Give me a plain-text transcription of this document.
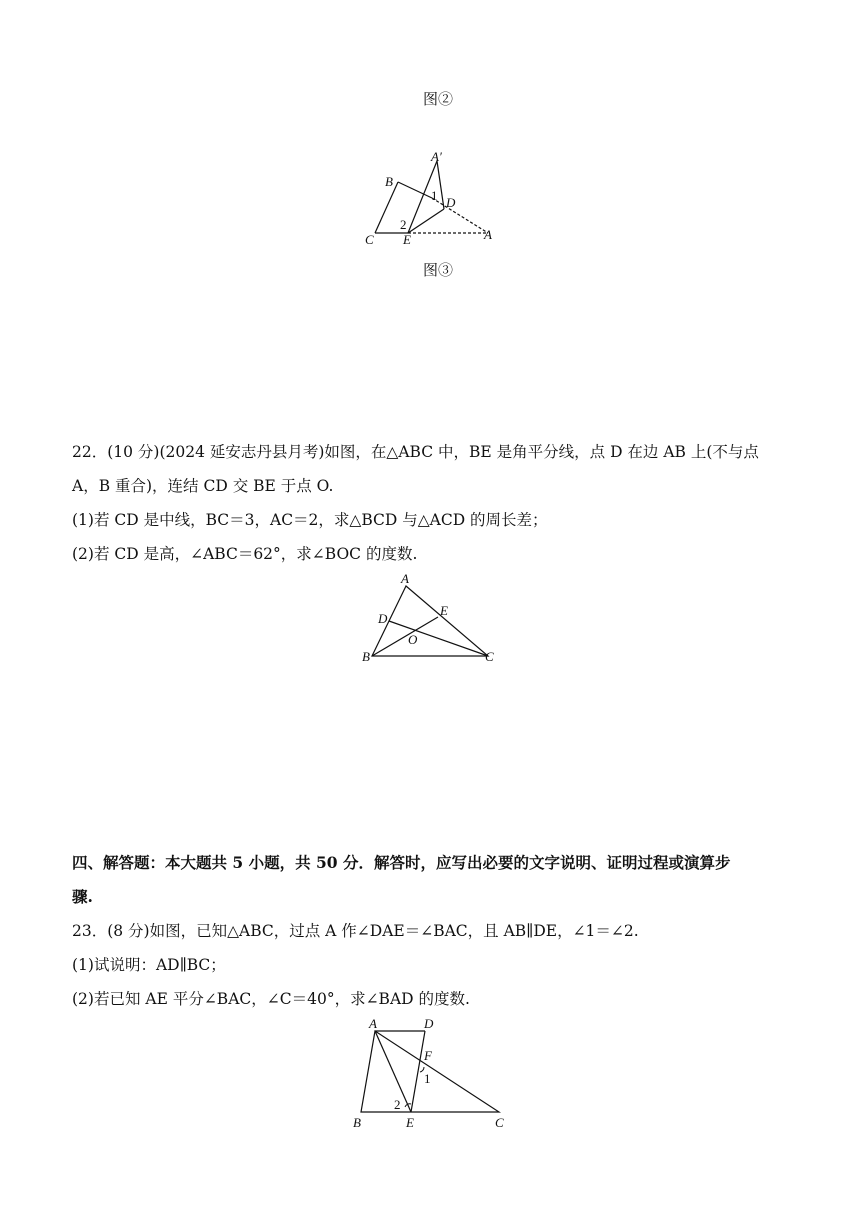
图②
A′
B
C
D
E	A
1
2
图③
22．(10 分)(2024 延安志丹县月考)如图，在△ABC 中，BE 是角平分线，点 D 在边 AB 上(不与点
A，B 重合)，连结 CD 交 BE 于点 O.
(1)若 CD 是中线，BC＝3，AC＝2，求△BCD 与△ACD 的周长差；
(2)若 CD 是高，∠ABC＝62°，求∠BOC 的度数.
A
B	C
D
E
O
四、解答题：本大题共 5 小题，共 50 分．解答时，应写出必要的文字说明、证明过程或演算步
骤.
23．(8 分)如图，已知△ABC，过点 A 作∠DAE＝∠BAC，且 AB∥DE，∠1＝∠2.
(1)试说明：AD∥BC；
(2)若已知 AE 平分∠BAC，∠C＝40°，求∠BAD 的度数.
A	D
F
1
2
B	E	C
